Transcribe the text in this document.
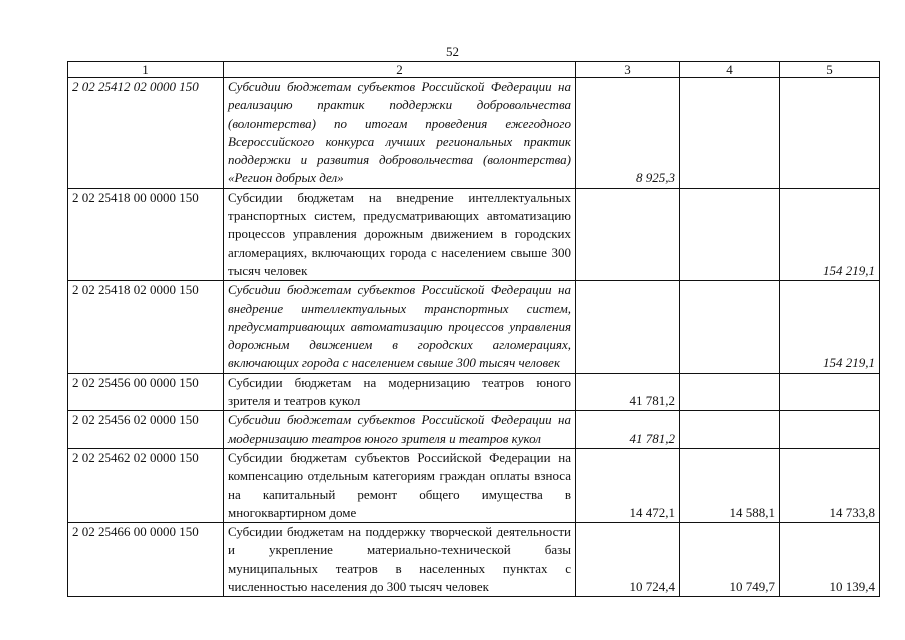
52
1	2	3	4	5
2 02 25412 02 0000 150	Субсидии бюджетам субъектов Российской Федерации на реализацию практик поддержки добровольчества (волонтерства) по итогам проведения ежегодного Всероссийского конкурса лучших региональных практик поддержки и развития добровольчества (волонтерства) «Регион добрых дел»	8 925,3		
2 02 25418 00 0000 150	Субсидии бюджетам на внедрение интеллектуальных транспортных систем, предусматривающих автоматизацию процессов управления дорожным движением в городских агломерациях, включающих города с населением свыше 300 тысяч человек			154 219,1
2 02 25418 02 0000 150	Субсидии бюджетам субъектов Российской Федерации на внедрение интеллектуальных транспортных систем, предусматривающих автоматизацию процессов управления дорожным движением в городских агломерациях, включающих города с населением свыше 300 тысяч человек			154 219,1
2 02 25456 00 0000 150	Субсидии бюджетам на модернизацию театров юного зрителя и театров кукол	41 781,2		
2 02 25456 02 0000 150	Субсидии бюджетам субъектов Российской Федерации на модернизацию театров юного зрителя и театров кукол	41 781,2		
2 02 25462 02 0000 150	Субсидии бюджетам субъектов Российской Федерации на компенсацию отдельным категориям граждан оплаты взноса на капитальный ремонт общего имущества в многоквартирном доме	14 472,1	14 588,1	14 733,8
2 02 25466 00 0000 150	Субсидии бюджетам на поддержку творческой деятельности и укрепление материально-технической базы муниципальных театров в населенных пунктах с численностью населения до 300 тысяч человек	10 724,4	10 749,7	10 139,4
